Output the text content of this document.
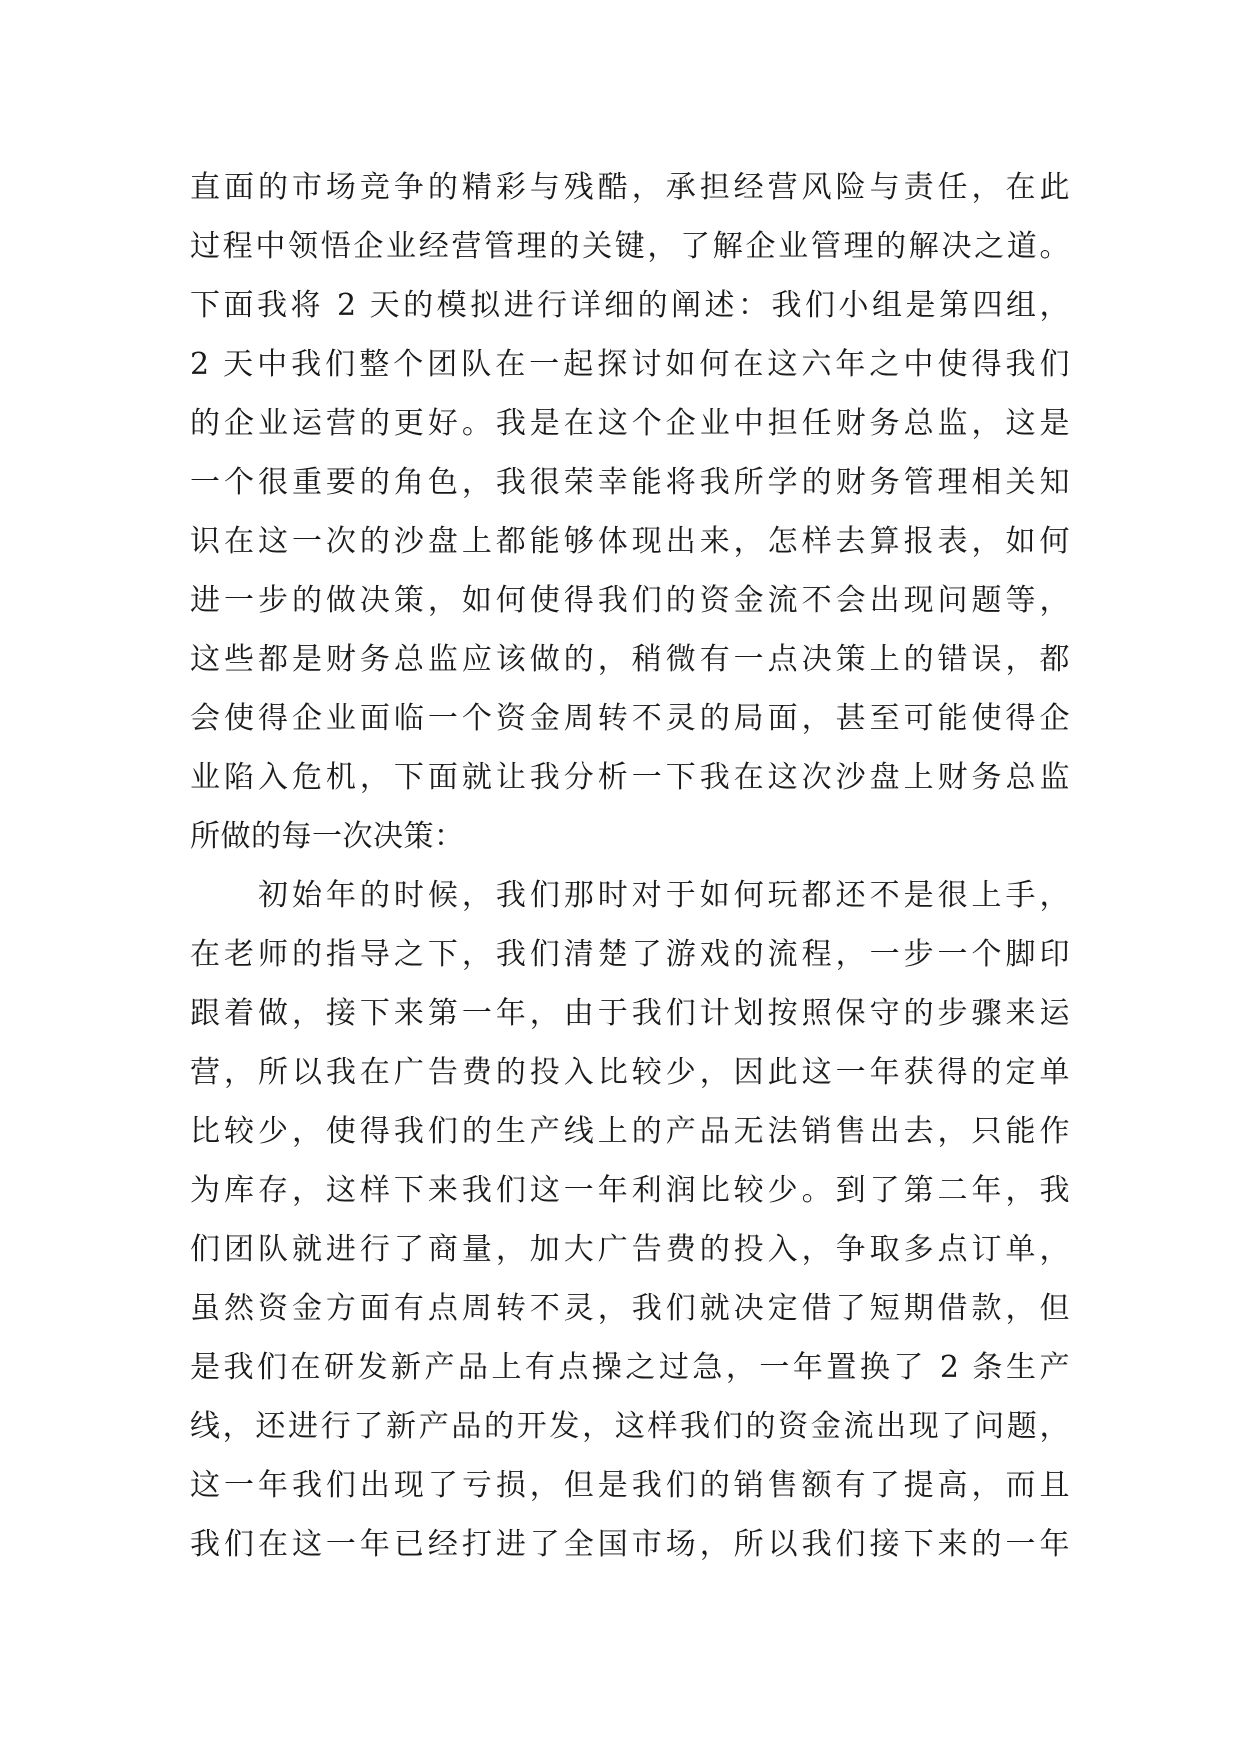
直面的市场竞争的精彩与残酷，承担经营风险与责任，在此
过程中领悟企业经营管理的关键，了解企业管理的解决之道。
下面我将 2 天的模拟进行详细的阐述：我们小组是第四组，
2 天中我们整个团队在一起探讨如何在这六年之中使得我们
的企业运营的更好。我是在这个企业中担任财务总监，这是
一个很重要的角色，我很荣幸能将我所学的财务管理相关知
识在这一次的沙盘上都能够体现出来，怎样去算报表，如何
进一步的做决策，如何使得我们的资金流不会出现问题等，
这些都是财务总监应该做的，稍微有一点决策上的错误，都
会使得企业面临一个资金周转不灵的局面，甚至可能使得企
业陷入危机，下面就让我分析一下我在这次沙盘上财务总监
所做的每一次决策：
初始年的时候，我们那时对于如何玩都还不是很上手，
在老师的指导之下，我们清楚了游戏的流程，一步一个脚印
跟着做，接下来第一年，由于我们计划按照保守的步骤来运
营，所以我在广告费的投入比较少，因此这一年获得的定单
比较少，使得我们的生产线上的产品无法销售出去，只能作
为库存，这样下来我们这一年利润比较少。到了第二年，我
们团队就进行了商量，加大广告费的投入，争取多点订单，
虽然资金方面有点周转不灵，我们就决定借了短期借款，但
是我们在研发新产品上有点操之过急，一年置换了 2 条生产
线，还进行了新产品的开发，这样我们的资金流出现了问题，
这一年我们出现了亏损，但是我们的销售额有了提高，而且
我们在这一年已经打进了全国市场，所以我们接下来的一年
